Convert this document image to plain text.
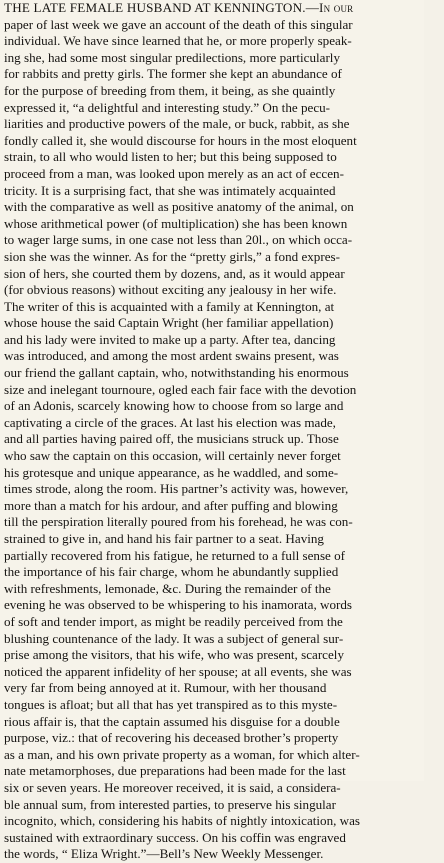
THE LATE FEMALE HUSBAND AT KENNINGTON.—In our
paper of last week we gave an account of the death of this singular
individual. We have since learned that he, or more properly speak-
ing she, had some most singular predilections, more particularly
for rabbits and pretty girls. The former she kept an abundance of
for the purpose of breeding from them, it being, as she quaintly
expressed it, “a delightful and interesting study.” On the pecu-
liarities and productive powers of the male, or buck, rabbit, as she
fondly called it, she would discourse for hours in the most eloquent
strain, to all who would listen to her; but this being supposed to
proceed from a man, was looked upon merely as an act of eccen-
tricity. It is a surprising fact, that she was intimately acquainted
with the comparative as well as positive anatomy of the animal, on
whose arithmetical power (of multiplication) she has been known
to wager large sums, in one case not less than 20l., on which occa-
sion she was the winner. As for the “pretty girls,” a fond expres-
sion of hers, she courted them by dozens, and, as it would appear
(for obvious reasons) without exciting any jealousy in her wife.
The writer of this is acquainted with a family at Kennington, at
whose house the said Captain Wright (her familiar appellation)
and his lady were invited to make up a party. After tea, dancing
was introduced, and among the most ardent swains present, was
our friend the gallant captain, who, notwithstanding his enormous
size and inelegant tournoure, ogled each fair face with the devotion
of an Adonis, scarcely knowing how to choose from so large and
captivating a circle of the graces. At last his election was made,
and all parties having paired off, the musicians struck up. Those
who saw the captain on this occasion, will certainly never forget
his grotesque and unique appearance, as he waddled, and some-
times strode, along the room. His partner’s activity was, however,
more than a match for his ardour, and after puffing and blowing
till the perspiration literally poured from his forehead, he was con-
strained to give in, and hand his fair partner to a seat. Having
partially recovered from his fatigue, he returned to a full sense of
the importance of his fair charge, whom he abundantly supplied
with refreshments, lemonade, &c. During the remainder of the
evening he was observed to be whispering to his inamorata, words
of soft and tender import, as might be readily perceived from the
blushing countenance of the lady. It was a subject of general sur-
prise among the visitors, that his wife, who was present, scarcely
noticed the apparent infidelity of her spouse; at all events, she was
very far from being annoyed at it. Rumour, with her thousand
tongues is afloat; but all that has yet transpired as to this myste-
rious affair is, that the captain assumed his disguise for a double
purpose, viz.: that of recovering his deceased brother’s property
as a man, and his own private property as a woman, for which alter-
nate metamorphoses, due preparations had been made for the last
six or seven years. He moreover received, it is said, a considera-
ble annual sum, from interested parties, to preserve his singular
incognito, which, considering his habits of nightly intoxication, was
sustained with extraordinary success. On his coffin was engraved
the words, “ Eliza Wright.”—Bell’s New Weekly Messenger.
